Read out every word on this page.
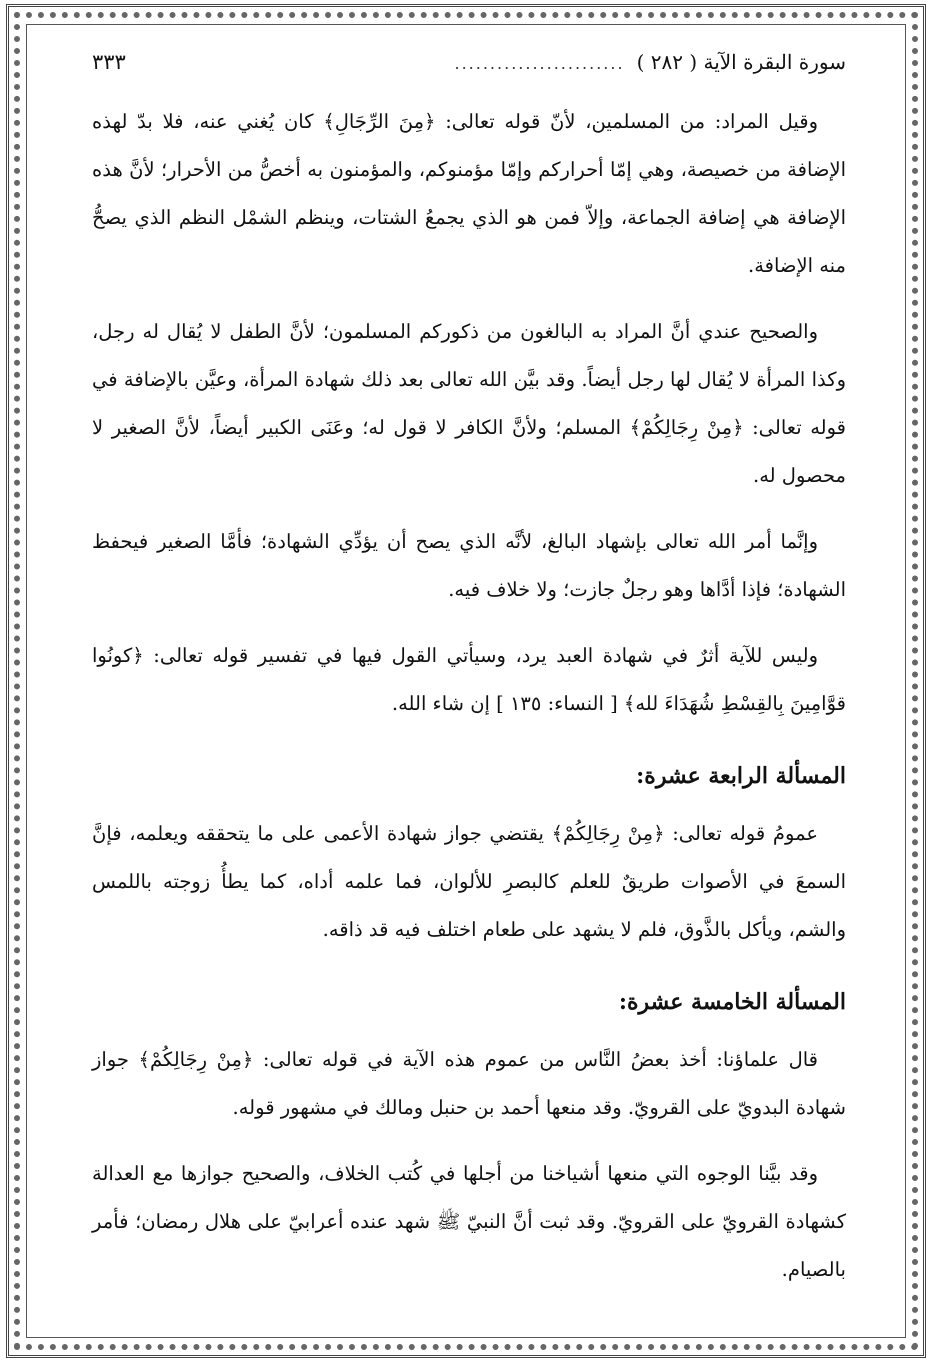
سورة البقرة الآية ( ٢٨٢ )
........................
٣٣٣

وقيل المراد: من المسلمين، لأنّ قوله تعالى: ﴿مِنَ الرِّجَالِ﴾ كان يُغني عنه، فلا بدّ لهذه الإضافة من خصيصة، وهي إمّا أحرارکم وإمّا مؤمنوکم، والمؤمنون به أخصُّ من الأحرار؛ لأنَّ هذه الإضافة هي إضافة الجماعة، وإلاّ فمن هو الذي يجمعُ الشتات، وينظم الشمْل النظم الذي يصحُّ منه الإضافة.

والصحيح عندي أنَّ المراد به البالغون من ذكورکم المسلمون؛ لأنَّ الطفل لا يُقال له رجل، وكذا المرأة لا يُقال لها رجل أيضاً. وقد بيَّن الله تعالى بعد ذلك شهادة المرأة، وعيَّن بالإضافة في قوله تعالى: ﴿مِنْ رِجَالِكُمْ﴾ المسلم؛ ولأنَّ الكافر لا قول له؛ وعَنَى الكبير أيضاً، لأنَّ الصغير لا محصول له.

وإنَّما أمر الله تعالى بإشهاد البالغ، لأنَّه الذي يصح أن يؤدِّي الشهادة؛ فأمَّا الصغير فيحفظ الشهادة؛ فإذا أدَّاها وهو رجلٌ جازت؛ ولا خلاف فيه.

وليس للآية أثرٌ في شهادة العبد يرد، وسيأتي القول فيها في تفسير قوله تعالى: ﴿كونُوا قوَّامِينَ بِالقِسْطِ شُهَدَاءَ لله﴾ [ النساء: ١٣٥ ] إن شاء الله.

المسألة الرابعة عشرة:

عمومُ قوله تعالى: ﴿مِنْ رِجَالِكُمْ﴾ يقتضي جواز شهادة الأعمى على ما يتحققه ويعلمه، فإنَّ السمعَ في الأصوات طريقٌ للعلم كالبصرِ للألوان، فما علمه أداه، كما يطأُ زوجته باللمس والشم، ويأكل بالذَّوق، فلم لا يشهد على طعام اختلف فيه قد ذاقه.

المسألة الخامسة عشرة:

قال علماؤنا: أخذ بعضُ النَّاس من عموم هذه الآية في قوله تعالى: ﴿مِنْ رِجَالِكُمْ﴾ جواز شهادة البدويّ على القرويّ. وقد منعها أحمد بن حنبل ومالك في مشهور قوله.

وقد بيَّنا الوجوه التي منعها أشياخنا من أجلها في كُتب الخلاف، والصحيح جوازها مع العدالة كشهادة القرويّ على القرويّ. وقد ثبت أنَّ النبيّ ﷺ شهد عنده أعرابيّ على هلال رمضان؛ فأمر بالصيام.
